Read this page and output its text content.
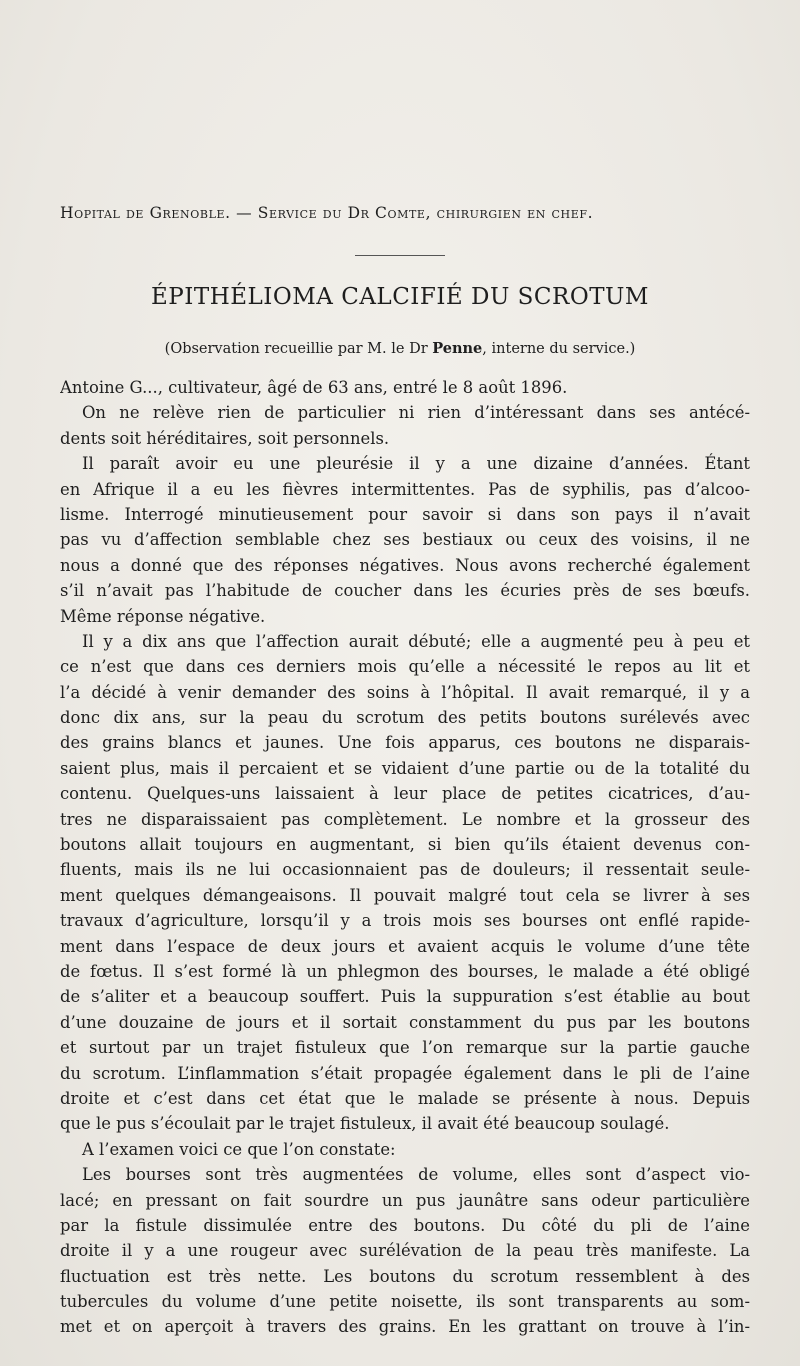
Hopital de Grenoble. — Service du Dr Comte, chirurgien en chef.
ÉPITHÉLIOMA CALCIFIÉ DU SCROTUM
(Observation recueillie par M. le Dr Penne, interne du service.)
Antoine G..., cultivateur, âgé de 63 ans, entré le 8 août 1896.
On ne relève rien de particulier ni rien d’intéressant dans ses antécé-
dents soit héréditaires, soit personnels.
Il paraît avoir eu une pleurésie il y a une dizaine d’années. Étant
en Afrique il a eu les fièvres intermittentes. Pas de syphilis, pas d’alcoo-
lisme. Interrogé minutieusement pour savoir si dans son pays il n’avait
pas vu d’affection semblable chez ses bestiaux ou ceux des voisins, il ne
nous a donné que des réponses négatives. Nous avons recherché également
s’il n’avait pas l’habitude de coucher dans les écuries près de ses bœufs.
Même réponse négative.
Il y a dix ans que l’affection aurait débuté; elle a augmenté peu à peu et
ce n’est que dans ces derniers mois qu’elle a nécessité le repos au lit et
l’a décidé à venir demander des soins à l’hôpital. Il avait remarqué, il y a
donc dix ans, sur la peau du scrotum des petits boutons surélevés avec
des grains blancs et jaunes. Une fois apparus, ces boutons ne disparais-
saient plus, mais il percaient et se vidaient d’une partie ou de la totalité du
contenu. Quelques-uns laissaient à leur place de petites cicatrices, d’au-
tres ne disparaissaient pas complètement. Le nombre et la grosseur des
boutons allait toujours en augmentant, si bien qu’ils étaient devenus con-
fluents, mais ils ne lui occasionnaient pas de douleurs; il ressentait seule-
ment quelques démangeaisons. Il pouvait malgré tout cela se livrer à ses
travaux d’agriculture, lorsqu’il y a trois mois ses bourses ont enflé rapide-
ment dans l’espace de deux jours et avaient acquis le volume d’une tête
de fœtus. Il s’est formé là un phlegmon des bourses, le malade a été obligé
de s’aliter et a beaucoup souffert. Puis la suppuration s’est établie au bout
d’une douzaine de jours et il sortait constamment du pus par les boutons
et surtout par un trajet fistuleux que l’on remarque sur la partie gauche
du scrotum. L’inflammation s’était propagée également dans le pli de l’aine
droite et c’est dans cet état que le malade se présente à nous. Depuis
que le pus s’écoulait par le trajet fistuleux, il avait été beaucoup soulagé.
A l’examen voici ce que l’on constate:
Les bourses sont très augmentées de volume, elles sont d’aspect vio-
lacé; en pressant on fait sourdre un pus jaunâtre sans odeur particulière
par la fistule dissimulée entre des boutons. Du côté du pli de l’aine
droite il y a une rougeur avec surélévation de la peau très manifeste. La
fluctuation est très nette. Les boutons du scrotum ressemblent à des
tubercules du volume d’une petite noisette, ils sont transparents au som-
met et on aperçoit à travers des grains. En les grattant on trouve à l’in-
